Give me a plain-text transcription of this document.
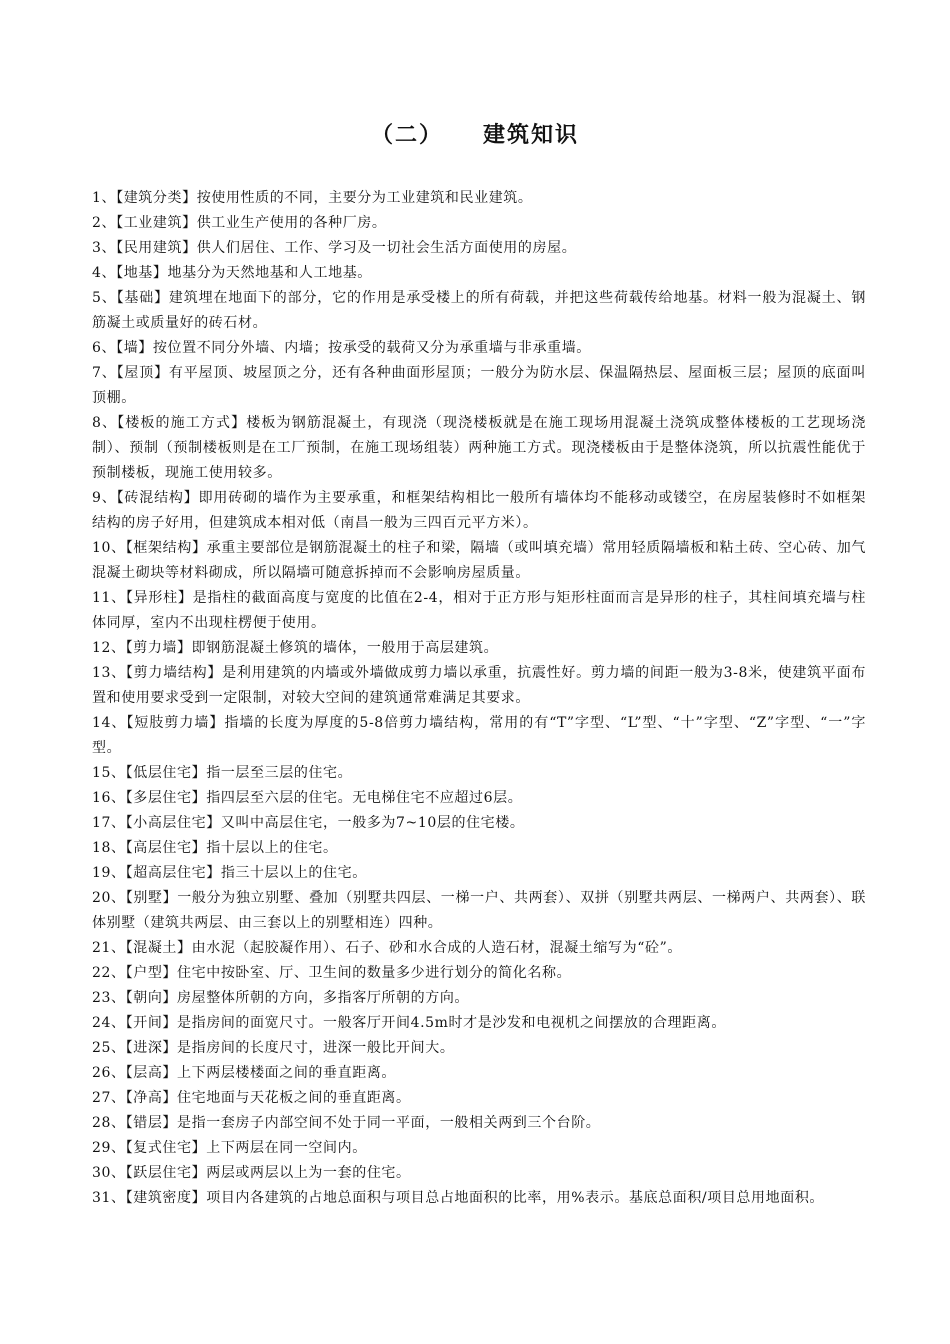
（二） 建筑知识
1、【建筑分类】按使用性质的不同，主要分为工业建筑和民业建筑。
2、【工业建筑】供工业生产使用的各种厂房。
3、【民用建筑】供人们居住、工作、学习及一切社会生活方面使用的房屋。
4、【地基】地基分为天然地基和人工地基。
5、【基础】建筑埋在地面下的部分，它的作用是承受楼上的所有荷载，并把这些荷载传给地基。材料一般为混凝土、钢筋凝土或质量好的砖石材。
6、【墙】按位置不同分外墙、内墙；按承受的载荷又分为承重墙与非承重墙。
7、【屋顶】有平屋顶、坡屋顶之分，还有各种曲面形屋顶；一般分为防水层、保温隔热层、屋面板三层；屋顶的底面叫顶棚。
8、【楼板的施工方式】楼板为钢筋混凝土，有现浇（现浇楼板就是在施工现场用混凝土浇筑成整体楼板的工艺现场浇制）、预制（预制楼板则是在工厂预制，在施工现场组装）两种施工方式。现浇楼板由于是整体浇筑，所以抗震性能优于预制楼板，现施工使用较多。
9、【砖混结构】即用砖砌的墙作为主要承重，和框架结构相比一般所有墙体均不能移动或镂空，在房屋装修时不如框架结构的房子好用，但建筑成本相对低（南昌一般为三四百元平方米）。
10、【框架结构】承重主要部位是钢筋混凝土的柱子和梁，隔墙（或叫填充墙）常用轻质隔墙板和粘土砖、空心砖、加气混凝土砌块等材料砌成，所以隔墙可随意拆掉而不会影响房屋质量。
11、【异形柱】是指柱的截面高度与宽度的比值在2-4，相对于正方形与矩形柱面而言是异形的柱子，其柱间填充墙与柱体同厚，室内不出现柱楞便于使用。
12、【剪力墙】即钢筋混凝土修筑的墙体，一般用于高层建筑。
13、【剪力墙结构】是利用建筑的内墙或外墙做成剪力墙以承重，抗震性好。剪力墙的间距一般为3-8米，使建筑平面布置和使用要求受到一定限制，对较大空间的建筑通常难满足其要求。
14、【短肢剪力墙】指墙的长度为厚度的5-8倍剪力墙结构，常用的有“T”字型、“L”型、“十”字型、“Z”字型、“一”字型。
15、【低层住宅】指一层至三层的住宅。
16、【多层住宅】指四层至六层的住宅。无电梯住宅不应超过6层。
17、【小高层住宅】又叫中高层住宅，一般多为7~10层的住宅楼。
18、【高层住宅】指十层以上的住宅。
19、【超高层住宅】指三十层以上的住宅。
20、【别墅】一般分为独立别墅、叠加（别墅共四层、一梯一户、共两套）、双拼（别墅共两层、一梯两户、共两套）、联体别墅（建筑共两层、由三套以上的别墅相连）四种。
21、【混凝土】由水泥（起胶凝作用）、石子、砂和水合成的人造石材，混凝土缩写为“砼”。
22、【户型】住宅中按卧室、厅、卫生间的数量多少进行划分的简化名称。
23、【朝向】房屋整体所朝的方向，多指客厅所朝的方向。
24、【开间】是指房间的面宽尺寸。一般客厅开间4.5m时才是沙发和电视机之间摆放的合理距离。
25、【进深】是指房间的长度尺寸，进深一般比开间大。
26、【层高】上下两层楼楼面之间的垂直距离。
27、【净高】住宅地面与天花板之间的垂直距离。
28、【错层】是指一套房子内部空间不处于同一平面，一般相关两到三个台阶。
29、【复式住宅】上下两层在同一空间内。
30、【跃层住宅】两层或两层以上为一套的住宅。
31、【建筑密度】项目内各建筑的占地总面积与项目总占地面积的比率，用%表示。基底总面积/项目总用地面积。
